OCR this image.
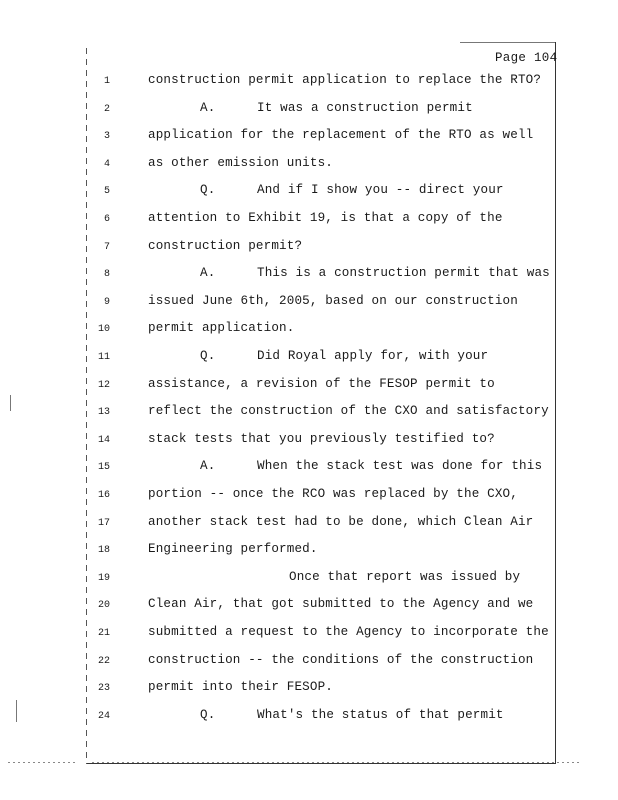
Page 104
1	construction permit application to replace the RTO?
2	A.	It was a construction permit
3	application for the replacement of the RTO as well
4	as other emission units.
5	Q.	And if I show you -- direct your
6	attention to Exhibit 19, is that a copy of the
7	construction permit?
8	A.	This is a construction permit that was
9	issued June 6th, 2005, based on our construction
10	permit application.
11	Q.	Did Royal apply for, with your
12	assistance, a revision of the FESOP permit to
13	reflect the construction of the CXO and satisfactory
14	stack tests that you previously testified to?
15	A.	When the stack test was done for this
16	portion -- once the RCO was replaced by the CXO,
17	another stack test had to be done, which Clean Air
18	Engineering performed.
19	Once that report was issued by
20	Clean Air, that got submitted to the Agency and we
21	submitted a request to the Agency to incorporate the
22	construction -- the conditions of the construction
23	permit into their FESOP.
24	Q.	What's the status of that permit
